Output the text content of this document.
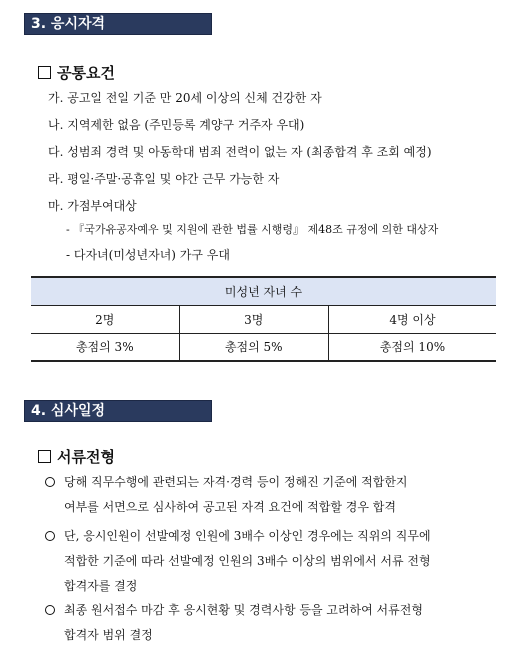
3. 응시자격
공통요건
가. 공고일 전일 기준 만 20세 이상의 신체 건강한 자
나. 지역제한 없음 (주민등록 계양구 거주자 우대)
다. 성범죄 경력 및 아동학대 범죄 전력이 없는 자 (최종합격 후 조회 예정)
라. 평일·주말·공휴일 및 야간 근무 가능한 자
마. 가점부여대상
- 『국가유공자예우 및 지원에 관한 법률 시행령』 제48조 규정에 의한 대상자
- 다자녀(미성년자녀) 가구 우대
미성년 자녀 수		
2명	3명	4명 이상
총점의 3%	총점의 5%	총점의 10%
4. 심사일정
서류전형
당해 직무수행에 관련되는 자격·경력 등이 정해진 기준에 적합한지
여부를 서면으로 심사하여 공고된 자격 요건에 적합할 경우 합격
단, 응시인원이 선발예정 인원에 3배수 이상인 경우에는 직위의 직무에
적합한 기준에 따라 선발예정 인원의 3배수 이상의 범위에서 서류 전형
합격자를 결정
최종 원서접수 마감 후 응시현황 및 경력사항 등을 고려하여 서류전형
합격자 범위 결정
